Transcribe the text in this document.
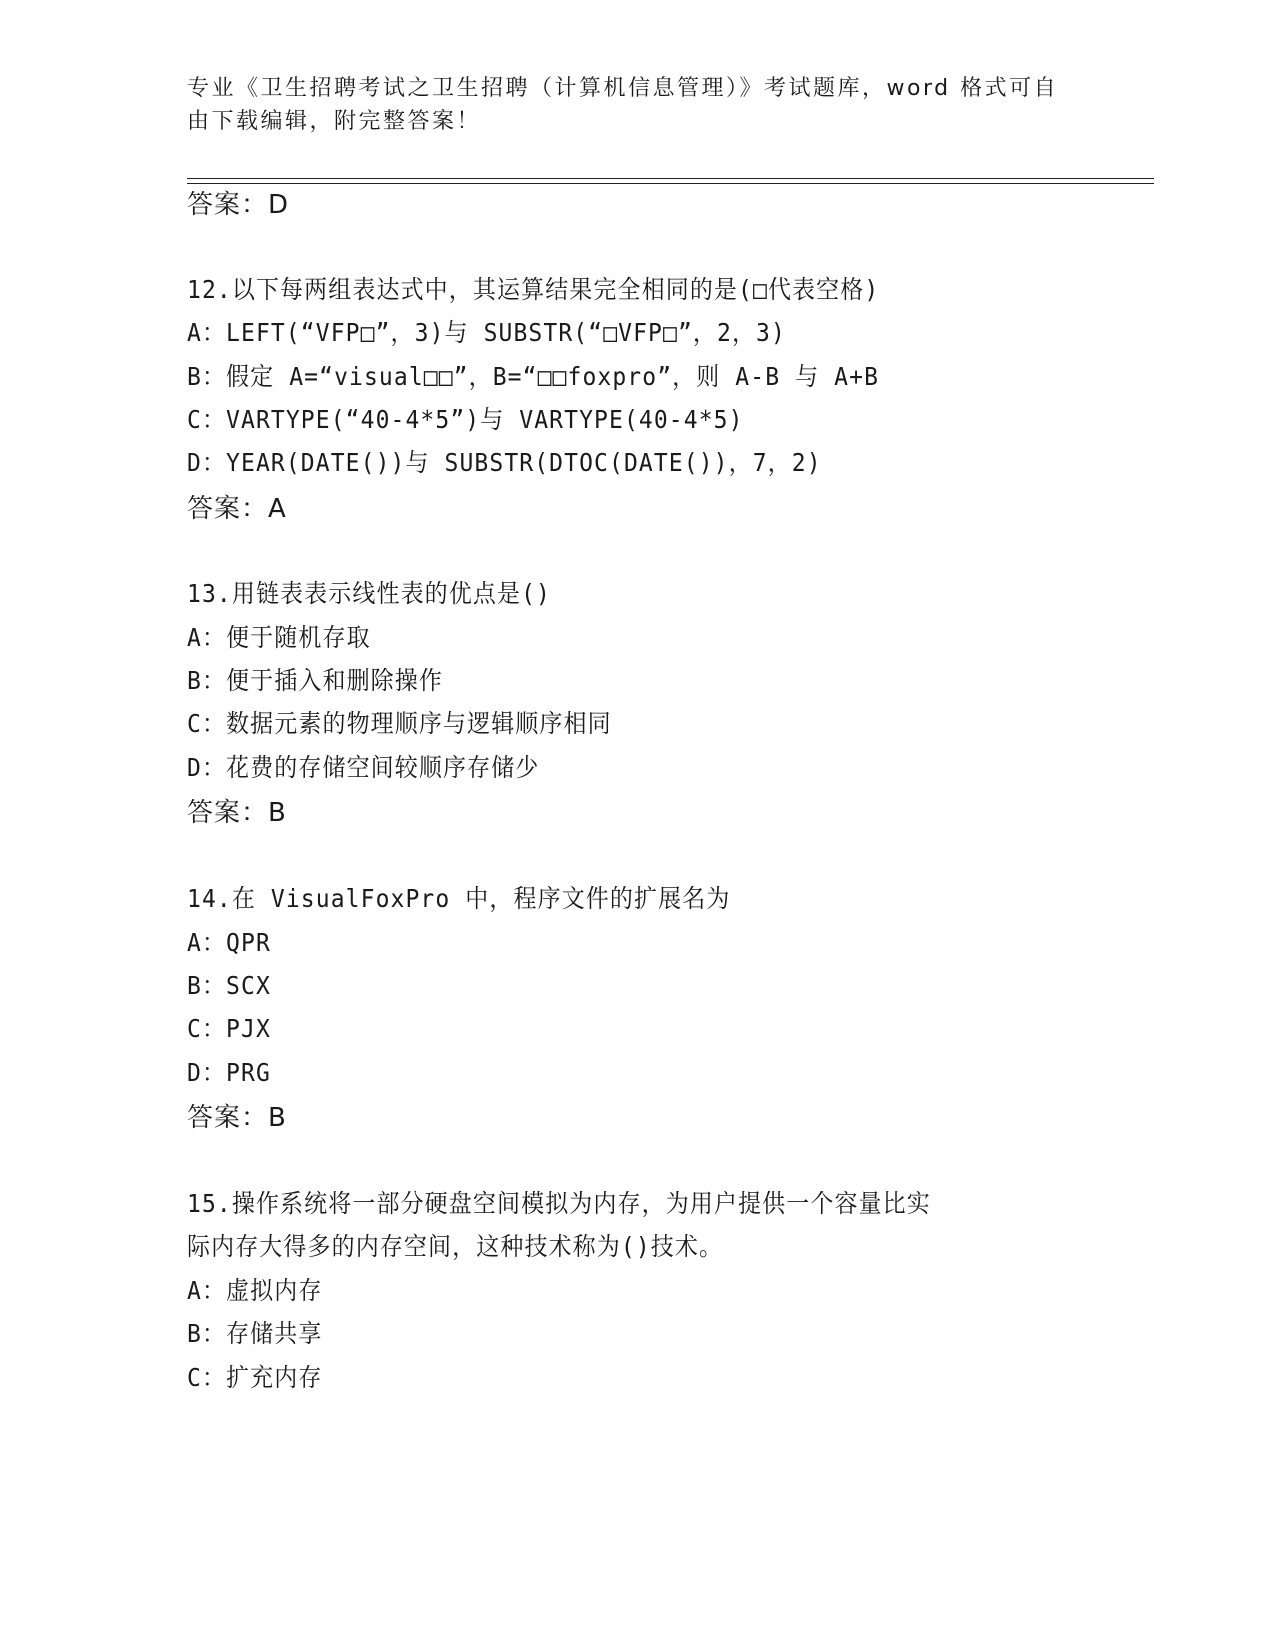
专业《卫生招聘考试之卫生招聘（计算机信息管理）》考试题库，word 格式可自
由下载编辑，附完整答案！
答案：D
12.以下每两组表达式中，其运算结果完全相同的是(□代表空格)
A：LEFT(“VFP□”，3)与 SUBSTR(“□VFP□”，2，3)
B：假定 A=“visual□□”，B=“□□foxpro”，则 A-B 与 A+B
C：VARTYPE(“40-4*5”)与 VARTYPE(40-4*5)
D：YEAR(DATE())与 SUBSTR(DTOC(DATE())，7，2)
答案：A
13.用链表表示线性表的优点是()
A：便于随机存取
B：便于插入和删除操作
C：数据元素的物理顺序与逻辑顺序相同
D：花费的存储空间较顺序存储少
答案：B
14.在 VisualFoxPro 中，程序文件的扩展名为
A：QPR
B：SCX
C：PJX
D：PRG
答案：B
15.操作系统将一部分硬盘空间模拟为内存，为用户提供一个容量比实
际内存大得多的内存空间，这种技术称为()技术。
A：虚拟内存
B：存储共享
C：扩充内存
